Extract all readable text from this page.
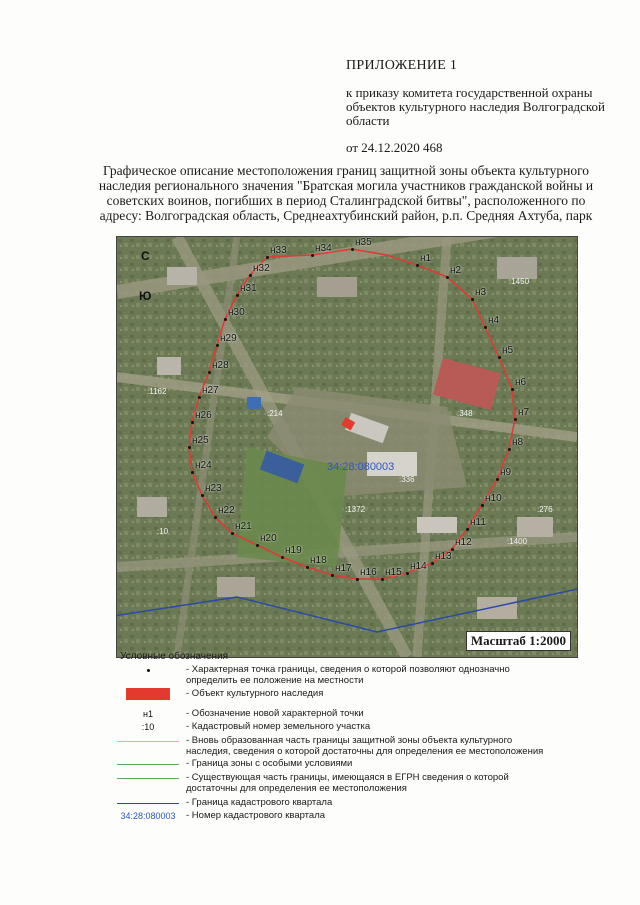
ПРИЛОЖЕНИЕ 1
к приказу комитета государственной охраны объектов культурного наследия Волгоградской области
от 24.12.2020 468
Графическое описание местоположения границ защитной зоны объекта культурного наследия регионального значения "Братская могила участников гражданской войны и советских воинов, погибших в период Сталинградской битвы", расположенного по адресу: Волгоградская область, Среднеахтубинский район, р.п. Средняя Ахтуба, парк
34:28:080003
С
Ю
н1
н2
н3
н4
н5
н6
н7
н8
н9
н10
н11
н12
н13
н14
н15
н16
н17
н18
н19
н20
н21
н22
н23
н24
н25
н26
н27
н28
н29
н30
н31
н32
н33	н34
н35
:1450
:348
:336
:1372
:10
:1400
:214
:276
:1162
Масштаб 1:2000
Условные обозначения
- Характерная точка границы, сведения о которой позволяют однозначно определить ее положение на местности
- Объект культурного наследия
н1	- Обозначение новой характерной точки
:10	- Кадастровый номер земельного участка
- Вновь образованная часть границы защитной зоны объекта культурного наследия, сведения о которой достаточны для определения ее местоположения
- Граница зоны с особыми условиями
- Существующая часть границы, имеющаяся в ЕГРН сведения о которой достаточны для определения ее местоположения
- Граница кадастрового квартала
34:28:080003 - Номер кадастрового квартала
